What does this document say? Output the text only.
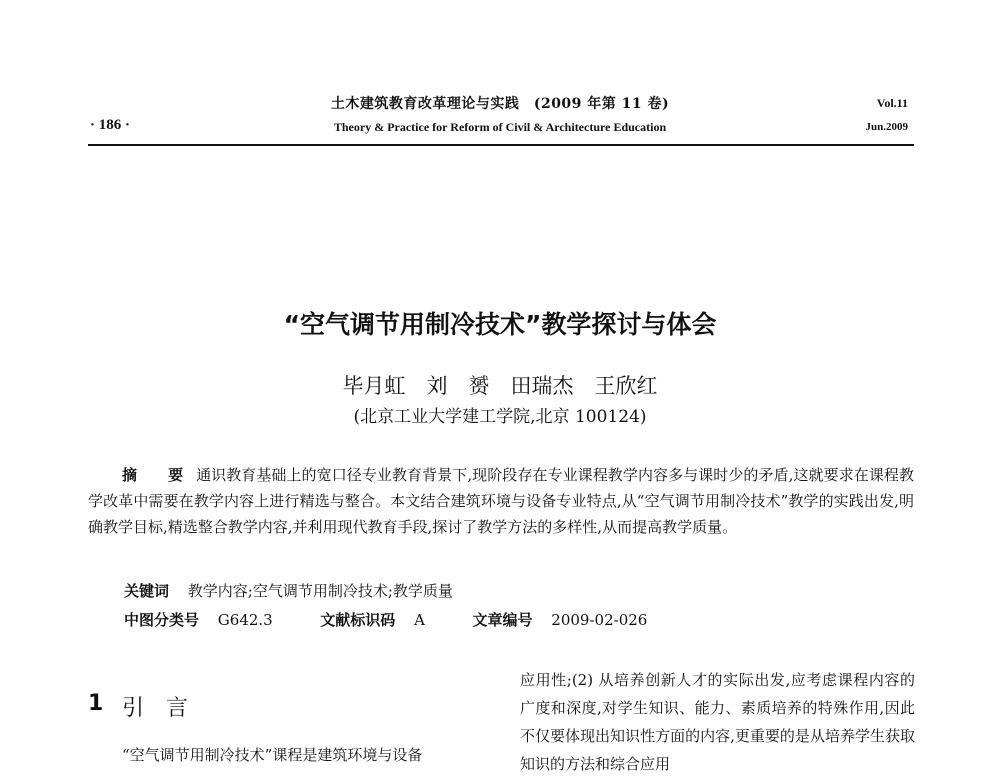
土木建筑教育改革理论与实践　(2009 年第 11 卷)
Theory & Practice for Reform of Civil & Architecture Education
· 186 ·
Vol.11
Jun.2009
“空气调节用制冷技术”教学探讨与体会
毕月虹　刘　赟　田瑞杰　王欣红
(北京工业大学建工学院,北京 100124)
摘　要 通识教育基础上的宽口径专业教育背景下,现阶段存在专业课程教学内容多与课时少的矛盾,这就要求在课程教学改革中需要在教学内容上进行精选与整合。本文结合建筑环境与设备专业特点,从“空气调节用制冷技术”教学的实践出发,明确教学目标,精选整合教学内容,并利用现代教育手段,探讨了教学方法的多样性,从而提高教学质量。
关键词 教学内容;空气调节用制冷技术;教学质量
中图分类号 G642.3	文献标识码 A	文章编号 2009-02-026
1 引言
“空气调节用制冷技术”课程是建筑环境与设备
应用性;(2) 从培养创新人才的实际出发,应考虑课程内容的广度和深度,对学生知识、能力、素质培养的特殊作用,因此不仅要体现出知识性方面的内容,更重要的是从培养学生获取知识的方法和综合应用
